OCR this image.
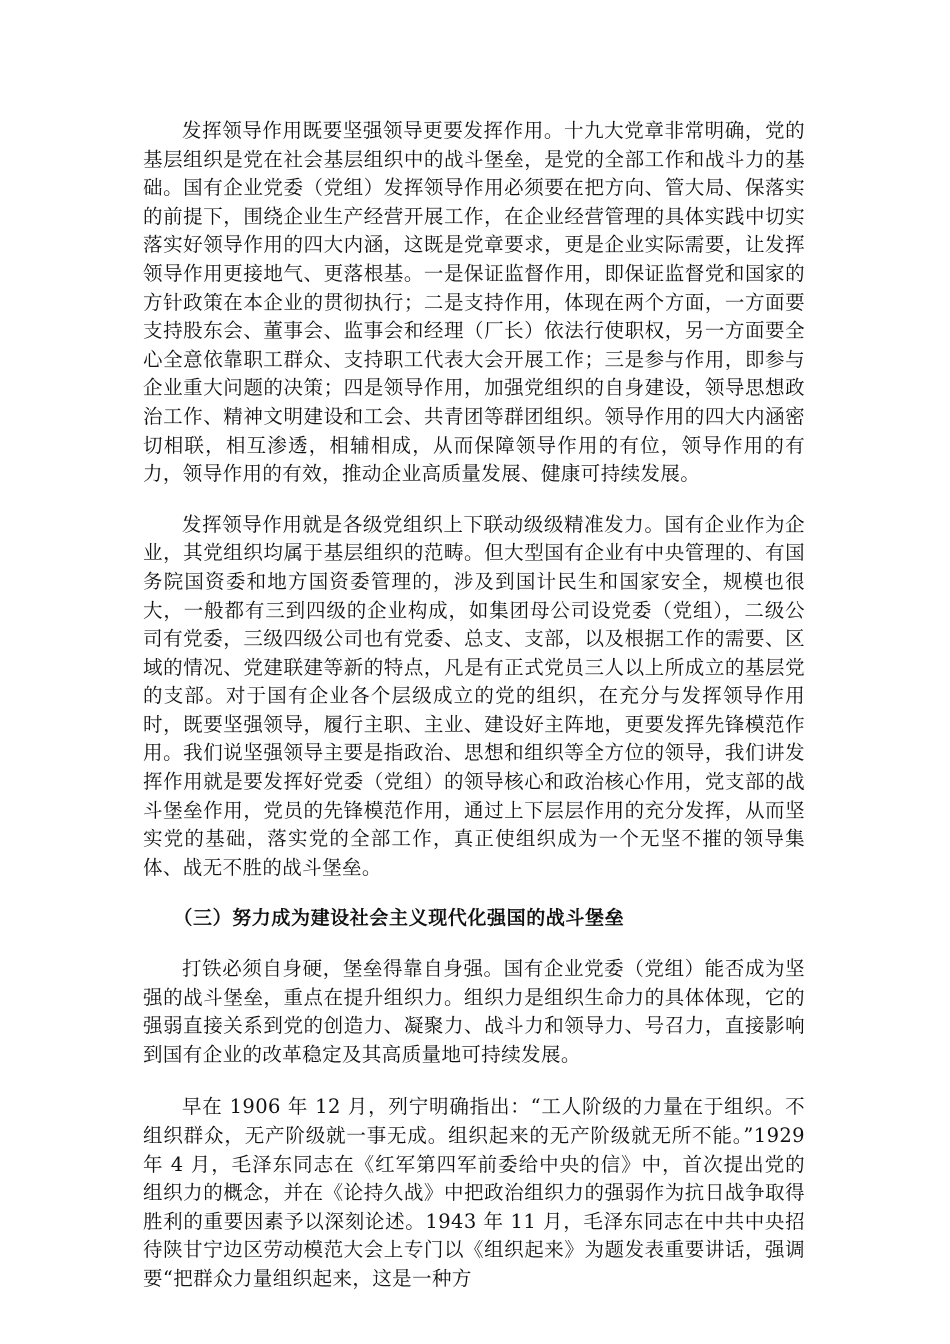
发挥领导作用既要坚强领导更要发挥作用。十九大党章非常明确，党的基层组织是党在社会基层组织中的战斗堡垒，是党的全部工作和战斗力的基础。国有企业党委（党组）发挥领导作用必须要在把方向、管大局、保落实的前提下，围绕企业生产经营开展工作，在企业经营管理的具体实践中切实落实好领导作用的四大内涵，这既是党章要求，更是企业实际需要，让发挥领导作用更接地气、更落根基。一是保证监督作用，即保证监督党和国家的方针政策在本企业的贯彻执行；二是支持作用，体现在两个方面，一方面要支持股东会、董事会、监事会和经理（厂长）依法行使职权，另一方面要全心全意依靠职工群众、支持职工代表大会开展工作；三是参与作用，即参与企业重大问题的决策；四是领导作用，加强党组织的自身建设，领导思想政治工作、精神文明建设和工会、共青团等群团组织。领导作用的四大内涵密切相联，相互渗透，相辅相成，从而保障领导作用的有位，领导作用的有力，领导作用的有效，推动企业高质量发展、健康可持续发展。

发挥领导作用就是各级党组织上下联动级级精准发力。国有企业作为企业，其党组织均属于基层组织的范畴。但大型国有企业有中央管理的、有国务院国资委和地方国资委管理的，涉及到国计民生和国家安全，规模也很大，一般都有三到四级的企业构成，如集团母公司设党委（党组），二级公司有党委，三级四级公司也有党委、总支、支部，以及根据工作的需要、区域的情况、党建联建等新的特点，凡是有正式党员三人以上所成立的基层党的支部。对于国有企业各个层级成立的党的组织，在充分与发挥领导作用时，既要坚强领导，履行主职、主业、建设好主阵地，更要发挥先锋模范作用。我们说坚强领导主要是指政治、思想和组织等全方位的领导，我们讲发挥作用就是要发挥好党委（党组）的领导核心和政治核心作用，党支部的战斗堡垒作用，党员的先锋模范作用，通过上下层层作用的充分发挥，从而坚实党的基础，落实党的全部工作，真正使组织成为一个无坚不摧的领导集体、战无不胜的战斗堡垒。

（三）努力成为建设社会主义现代化强国的战斗堡垒

打铁必须自身硬，堡垒得靠自身强。国有企业党委（党组）能否成为坚强的战斗堡垒，重点在提升组织力。组织力是组织生命力的具体体现，它的强弱直接关系到党的创造力、凝聚力、战斗力和领导力、号召力，直接影响到国有企业的改革稳定及其高质量地可持续发展。

早在 1906 年 12 月，列宁明确指出：“工人阶级的力量在于组织。不组织群众，无产阶级就一事无成。组织起来的无产阶级就无所不能。”1929 年 4 月，毛泽东同志在《红军第四军前委给中央的信》中，首次提出党的组织力的概念，并在《论持久战》中把政治组织力的强弱作为抗日战争取得胜利的重要因素予以深刻论述。1943 年 11 月，毛泽东同志在中共中央招待陕甘宁边区劳动模范大会上专门以《组织起来》为题发表重要讲话，强调要“把群众力量组织起来，这是一种方
